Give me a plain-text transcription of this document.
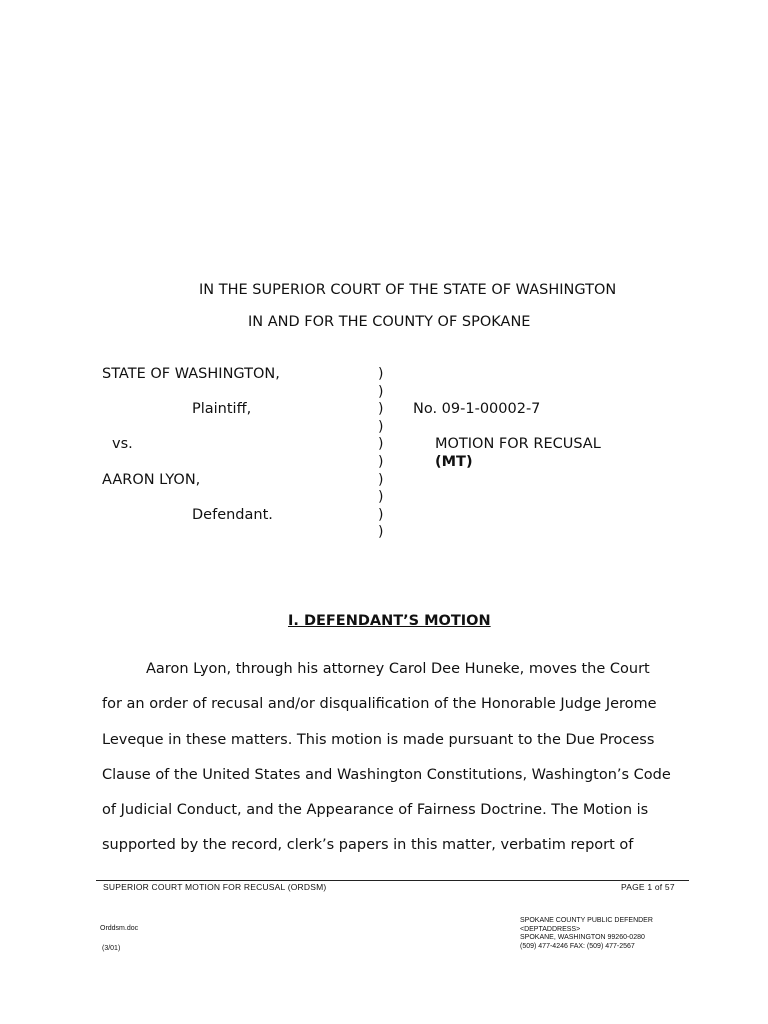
IN THE SUPERIOR COURT OF THE STATE OF WASHINGTON
IN AND FOR THE COUNTY OF SPOKANE
STATE OF WASHINGTON,
Plaintiff,
vs.
AARON LYON,
Defendant.
)
)
)
)
)
)
)
)
)
)
No. 09-1-00002-7
MOTION FOR RECUSAL
(MT)
I. DEFENDANT’S MOTION
Aaron Lyon, through his attorney Carol Dee Huneke, moves the Court
for an order of recusal and/or disqualification of the Honorable Judge Jerome
Leveque in these matters. This motion is made pursuant to the Due Process
Clause of the United States and Washington Constitutions, Washington’s Code
of Judicial Conduct, and the Appearance of Fairness Doctrine. The Motion is
supported by the record, clerk’s papers in this matter, verbatim report of
SUPERIOR COURT MOTION FOR RECUSAL (ORDSM)	PAGE 1 of 57
Orddsm.doc
(3/01)
SPOKANE COUNTY PUBLIC DEFENDER
<DEPTADDRESS>
SPOKANE, WASHINGTON 99260-0280
(509) 477-4246 FAX: (509) 477-2567
